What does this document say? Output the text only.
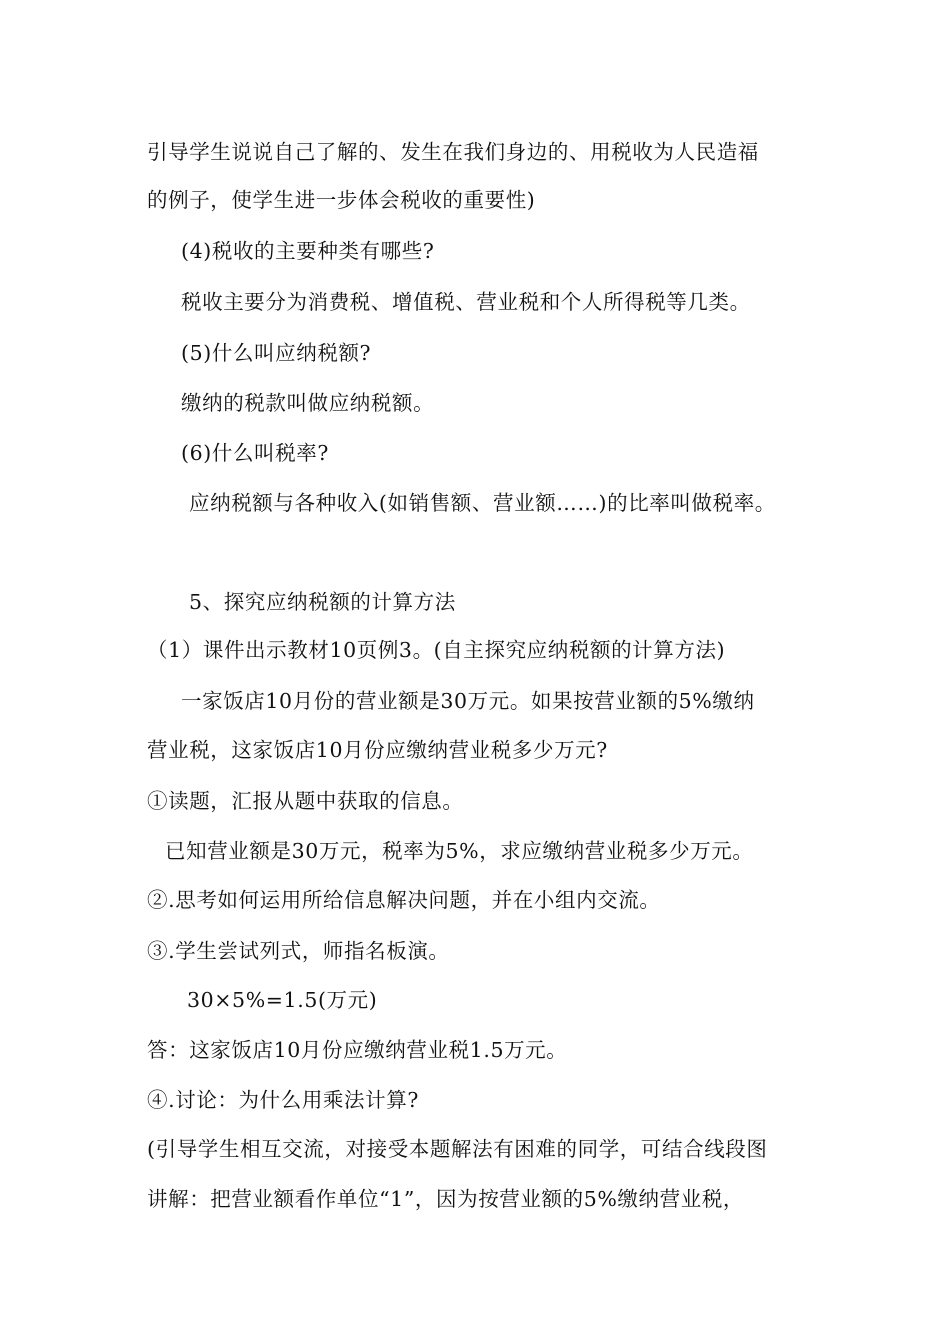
引导学生说说自己了解的、发生在我们身边的、用税收为人民造福
的例子，使学生进一步体会税收的重要性)
(4)税收的主要种类有哪些?
税收主要分为消费税、增值税、营业税和个人所得税等几类。
(5)什么叫应纳税额?
缴纳的税款叫做应纳税额。
(6)什么叫税率?
应纳税额与各种收入(如销售额、营业额……)的比率叫做税率。
5、探究应纳税额的计算方法
（1）课件出示教材10页例3。(自主探究应纳税额的计算方法)
一家饭店10月份的营业额是30万元。如果按营业额的5%缴纳
营业税，这家饭店10月份应缴纳营业税多少万元?
①读题，汇报从题中获取的信息。
已知营业额是30万元，税率为5%，求应缴纳营业税多少万元。
②.思考如何运用所给信息解决问题，并在小组内交流。
③.学生尝试列式，师指名板演。
30×5%=1.5(万元)
答：这家饭店10月份应缴纳营业税1.5万元。
④.讨论：为什么用乘法计算?
(引导学生相互交流，对接受本题解法有困难的同学，可结合线段图
讲解：把营业额看作单位“1”，因为按营业额的5%缴纳营业税，
